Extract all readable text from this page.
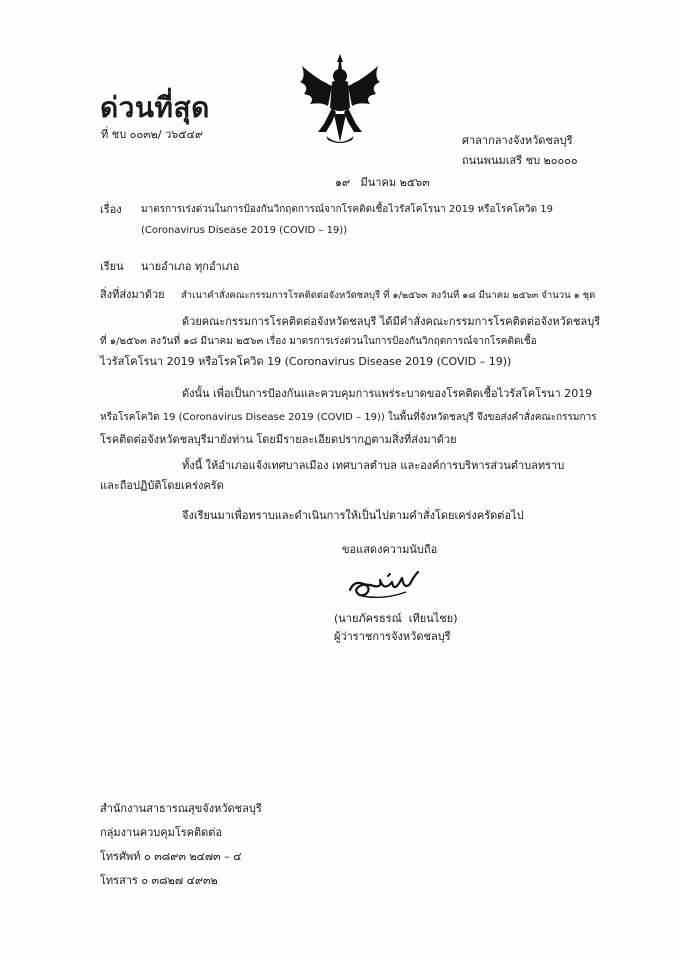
ด่วนที่สุด
ที่ ชบ ๐๐๓๒/ ว๖๕๔๙	ศาลากลางจังหวัดชลบุรี
ถนนพนมเสรี ชบ ๒๐๐๐๐
๑๙   มีนาคม ๒๕๖๓
เรื่อง มาตรการเร่งด่วนในการป้องกันวิกฤตการณ์จากโรคติดเชื้อไวรัสโคโรนา 2019 หรือโรคโควิด 19
(Coronavirus Disease 2019 (COVID – 19))
เรียน นายอำเภอ ทุกอำเภอ
สิ่งที่ส่งมาด้วย สำเนาคำสั่งคณะกรรมการโรคติดต่อจังหวัดชลบุรี ที่ ๑/๒๕๖๓ ลงวันที่ ๑๘ มีนาคม ๒๕๖๓ จำนวน ๑ ชุด
ด้วยคณะกรรมการโรคติดต่อจังหวัดชลบุรี ได้มีคำสั่งคณะกรรมการโรคติดต่อจังหวัดชลบุรี
ที่ ๑/๒๕๖๓ ลงวันที่ ๑๘ มีนาคม ๒๕๖๓ เรื่อง มาตรการเร่งด่วนในการป้องกันวิกฤตการณ์จากโรคติดเชื้อ
ไวรัสโคโรนา 2019 หรือโรคโควิด 19 (Coronavirus Disease 2019 (COVID – 19))
ดังนั้น เพื่อเป็นการป้องกันและควบคุมการแพร่ระบาดของโรคติดเชื้อไวรัสโคโรนา 2019
หรือโรคโควิด 19 (Coronavirus Disease 2019 (COVID – 19)) ในพื้นที่จังหวัดชลบุรี จึงขอส่งคำสั่งคณะกรรมการ
โรคติดต่อจังหวัดชลบุรีมายังท่าน โดยมีรายละเอียดปรากฏตามสิ่งที่ส่งมาด้วย
ทั้งนี้ ให้อำเภอแจ้งเทศบาลเมือง เทศบาลตำบล และองค์การบริหารส่วนตำบลทราบ
และถือปฏิบัติโดยเคร่งครัด
จึงเรียนมาเพื่อทราบและดำเนินการให้เป็นไปตามคำสั่งโดยเคร่งครัดต่อไป
ขอแสดงความนับถือ
(นายภัครธรณ์  เทียนไชย)
ผู้ว่าราชการจังหวัดชลบุรี
สำนักงานสาธารณสุขจังหวัดชลบุรี
กลุ่มงานควบคุมโรคติดต่อ
โทรศัพท์ ๐ ๓๘๙๓ ๒๔๗๓ – ๔
โทรสาร ๐ ๓๘๒๗ ๔๙๓๒
